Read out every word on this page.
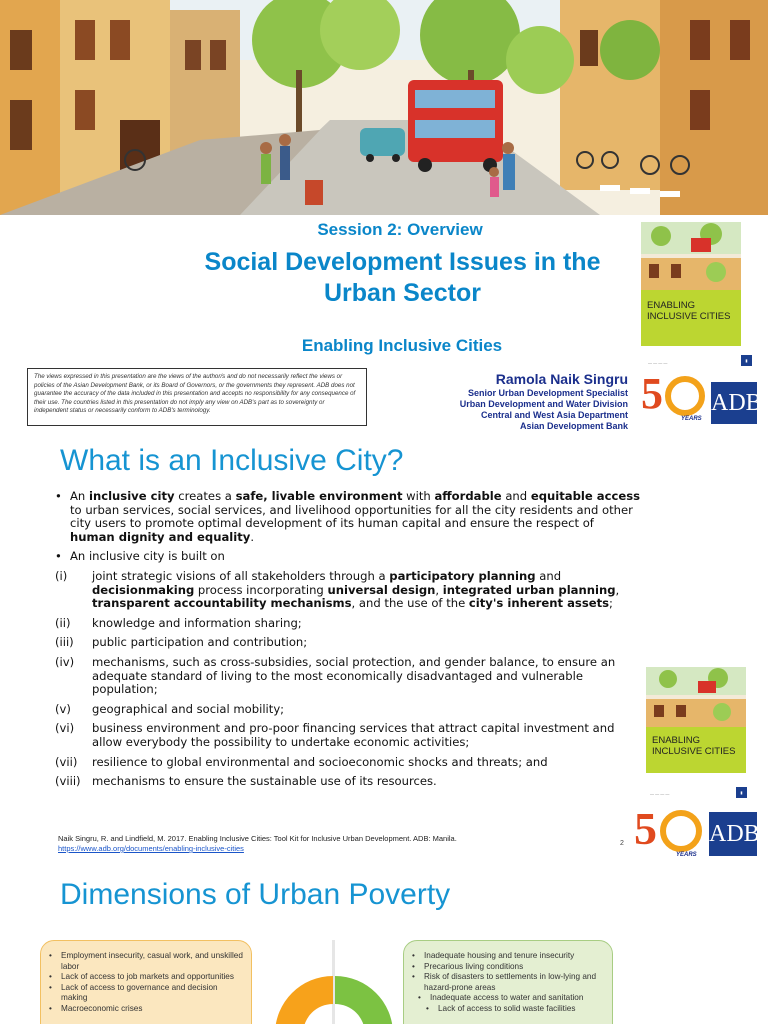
Session 2: Overview
Social Development Issues in the
Urban Sector
Enabling Inclusive Cities
The views expressed in this presentation are the views of the author/s and do not necessarily reflect the views or policies of the Asian Development Bank, or its Board of Governors, or the governments they represent. ADB does not guarantee the accuracy of the data included in this presentation and accepts no responsibility for any consequence of their use. The countries listed in this presentation do not imply any view on ADB's part as to sovereignty or independent status or necessarily conform to ADB's terminology.
Ramola Naik Singru
Senior Urban Development Specialist
Urban Development and Water Division
Central and West Asia Department
Asian Development Bank
ENABLING
INCLUSIVE CITIES
— — — —	▮
5
YEARS
ADB
What is an Inclusive City?
• An inclusive city creates a safe, livable environment with affordable and equitable access to urban services, social services, and livelihood opportunities for all the city residents and other city users to promote optimal development of its human capital and ensure the respect of human dignity and equality.
• An inclusive city is built on
(i)	joint strategic visions of all stakeholders through a participatory planning and decisionmaking process incorporating universal design, integrated urban planning, transparent accountability mechanisms, and the use of the city's inherent assets;
(ii)	knowledge and information sharing;
(iii)	public participation and contribution;
(iv)	mechanisms, such as cross-subsidies, social protection, and gender balance, to ensure an adequate standard of living to the most economically disadvantaged and vulnerable population;
(v)	geographical and social mobility;
(vi)	business environment and pro-poor financing services that attract capital investment and allow everybody the possibility to undertake economic activities;
(vii)	resilience to global environmental and socioeconomic shocks and threats; and
(viii) mechanisms to ensure the sustainable use of its resources.
Naik Singru, R. and Lindfield, M. 2017. Enabling Inclusive Cities: Tool Kit for Inclusive Urban Development. ADB: Manila.
https://www.adb.org/documents/enabling-inclusive-cities
2
ENABLING
INCLUSIVE CITIES
— — — —	▮
5
YEARS
ADB
Dimensions of Urban Poverty
•	Employment insecurity, casual work, and unskilled labor
•	Lack of access to job markets and opportunities
•	Lack of access to governance and decision making
•	Macroeconomic crises
•	Inadequate housing and tenure insecurity
•	Precarious living conditions
•	Risk of disasters to settlements in low-lying and hazard-prone areas
•	Inadequate access to water and sanitation
•	Lack of access to solid waste facilities
